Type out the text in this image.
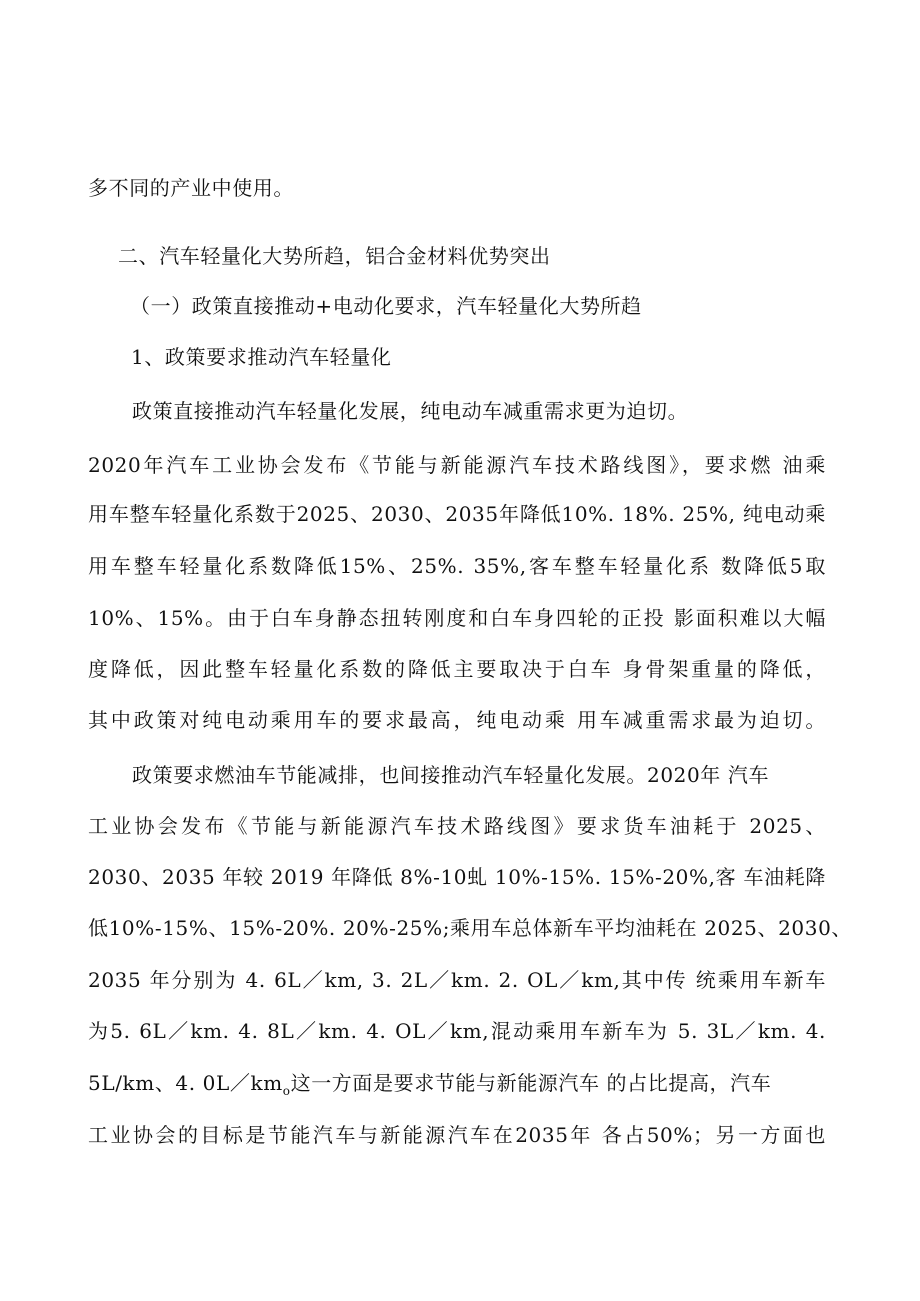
多不同的产业中使用。
二、汽车轻量化大势所趋，铝合金材料优势突出
（一）政策直接推动+电动化要求，汽车轻量化大势所趋
1、政策要求推动汽车轻量化
政策直接推动汽车轻量化发展，纯电动车减重需求更为迫切。
2020年汽车工业协会发布《节能与新能源汽车技术路线图》，要求燃 油乘
用车整车轻量化系数于2025、2030、2035年降低10%. 18%. 25%, 纯电动乘
用车整车轻量化系数降低15%、25%. 35%,客车整车轻量化系 数降低5取
10%、15%。由于白车身静态扭转刚度和白车身四轮的正投 影面积难以大幅
度降低，因此整车轻量化系数的降低主要取决于白车 身骨架重量的降低，
其中政策对纯电动乘用车的要求最高，纯电动乘 用车减重需求最为迫切。
政策要求燃油车节能减排，也间接推动汽车轻量化发展。2020年 汽车
工业协会发布《节能与新能源汽车技术路线图》要求货车油耗于 2025、
2030、2035 年较 2019 年降低 8%-10虬 10%-15%. 15%-20%,客 车油耗降
低10%-15%、15%-20%. 20%-25%;乘用车总体新车平均油耗在 2025、2030、
2035 年分别为 4. 6L／km, 3. 2L／km. 2. OL／km,其中传 统乘用车新车
为5. 6L／km. 4. 8L／km. 4. OL／km,混动乘用车新车为 5. 3L／km. 4.
5L/km、4. $0L/km_o$这一方面是要求节能与新能源汽车 的占比提高，汽车
工业协会的目标是节能汽车与新能源汽车在2035年 各占50%；另一方面也
